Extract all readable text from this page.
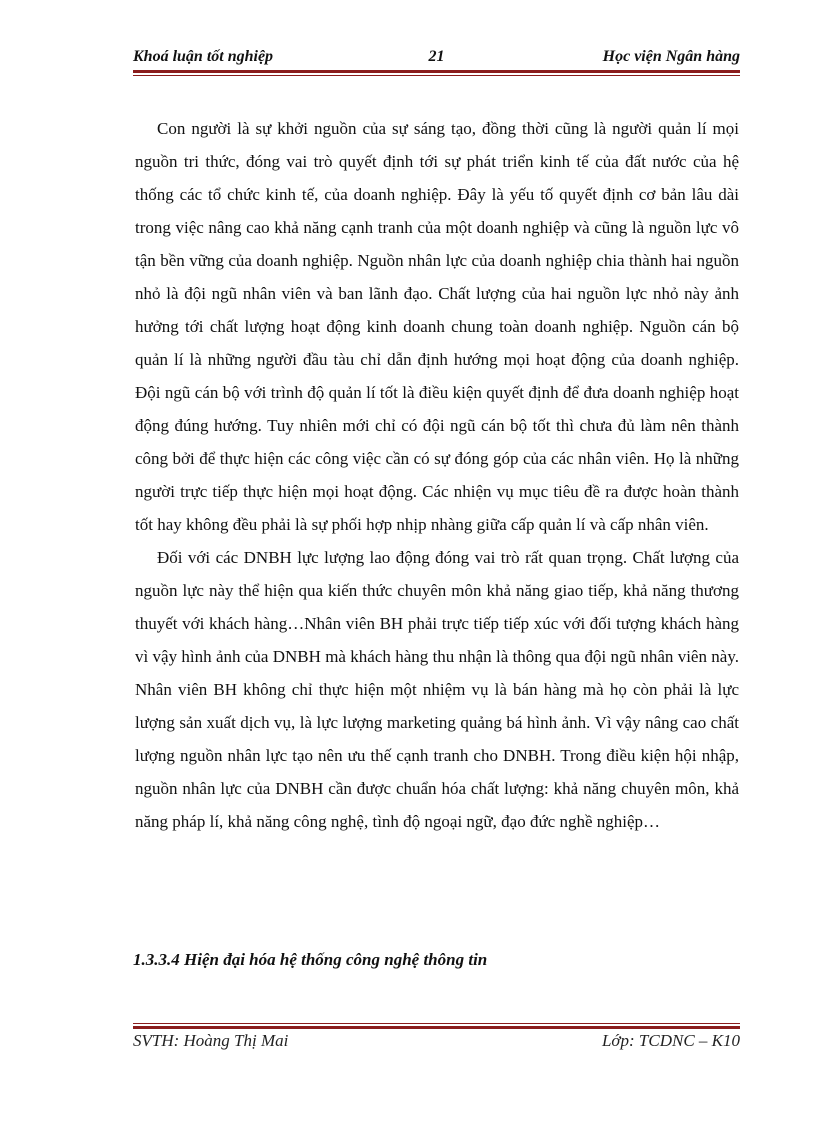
Khoá luận tốt nghiệp	21	Học viện Ngân hàng

Con người là sự khởi nguồn của sự sáng tạo, đồng thời cũng là người quản lí mọi nguồn tri thức, đóng vai trò quyết định tới sự phát triển kinh tế của đất nước của hệ thống các tổ chức kinh tế, của doanh nghiệp. Đây là yếu tố quyết định cơ bản lâu dài trong việc nâng cao khả năng cạnh tranh của một doanh nghiệp và cũng là nguồn lực vô tận bền vững của doanh nghiệp. Nguồn nhân lực của doanh nghiệp chia thành hai nguồn nhỏ là đội ngũ nhân viên và ban lãnh đạo. Chất lượng của hai nguồn lực nhỏ này ảnh hưởng tới chất lượng hoạt động kinh doanh chung toàn doanh nghiệp. Nguồn cán bộ quản lí là những người đầu tàu chỉ dẫn định hướng mọi hoạt động của doanh nghiệp. Đội ngũ cán bộ với trình độ quản lí tốt là điều kiện quyết định để đưa doanh nghiệp hoạt động đúng hướng. Tuy nhiên mới chỉ có đội ngũ cán bộ tốt thì chưa đủ làm nên thành công bởi để thực hiện các công việc cần có sự đóng góp của các nhân viên. Họ là những người trực tiếp thực hiện mọi hoạt động. Các nhiện vụ mục tiêu đề ra được hoàn thành tốt hay không đều phải là sự phối hợp nhịp nhàng giữa cấp quản lí và cấp nhân viên.

Đối với các DNBH lực lượng lao động đóng vai trò rất quan trọng. Chất lượng của nguồn lực này thể hiện qua kiến thức chuyên môn khả năng giao tiếp, khả năng thương thuyết với khách hàng…Nhân viên BH phải trực tiếp tiếp xúc với đối tượng khách hàng vì vậy hình ảnh của DNBH mà khách hàng thu nhận là thông qua đội ngũ nhân viên này. Nhân viên BH không chỉ thực hiện một nhiệm vụ là bán hàng mà họ còn phải là lực lượng sản xuất dịch vụ, là lực lượng marketing quảng bá hình ảnh. Vì vậy nâng cao chất lượng nguồn nhân lực tạo nên ưu thế cạnh tranh cho DNBH. Trong điều kiện hội nhập, nguồn nhân lực của DNBH cần được chuẩn hóa chất lượng: khả năng chuyên môn, khả năng pháp lí, khả năng công nghệ, tình độ ngoại ngữ, đạo đức nghề nghiệp…

1.3.3.4 Hiện đại hóa hệ thống công nghệ thông tin
SVTH: Hoàng Thị Mai	Lớp: TCDNC – K10
